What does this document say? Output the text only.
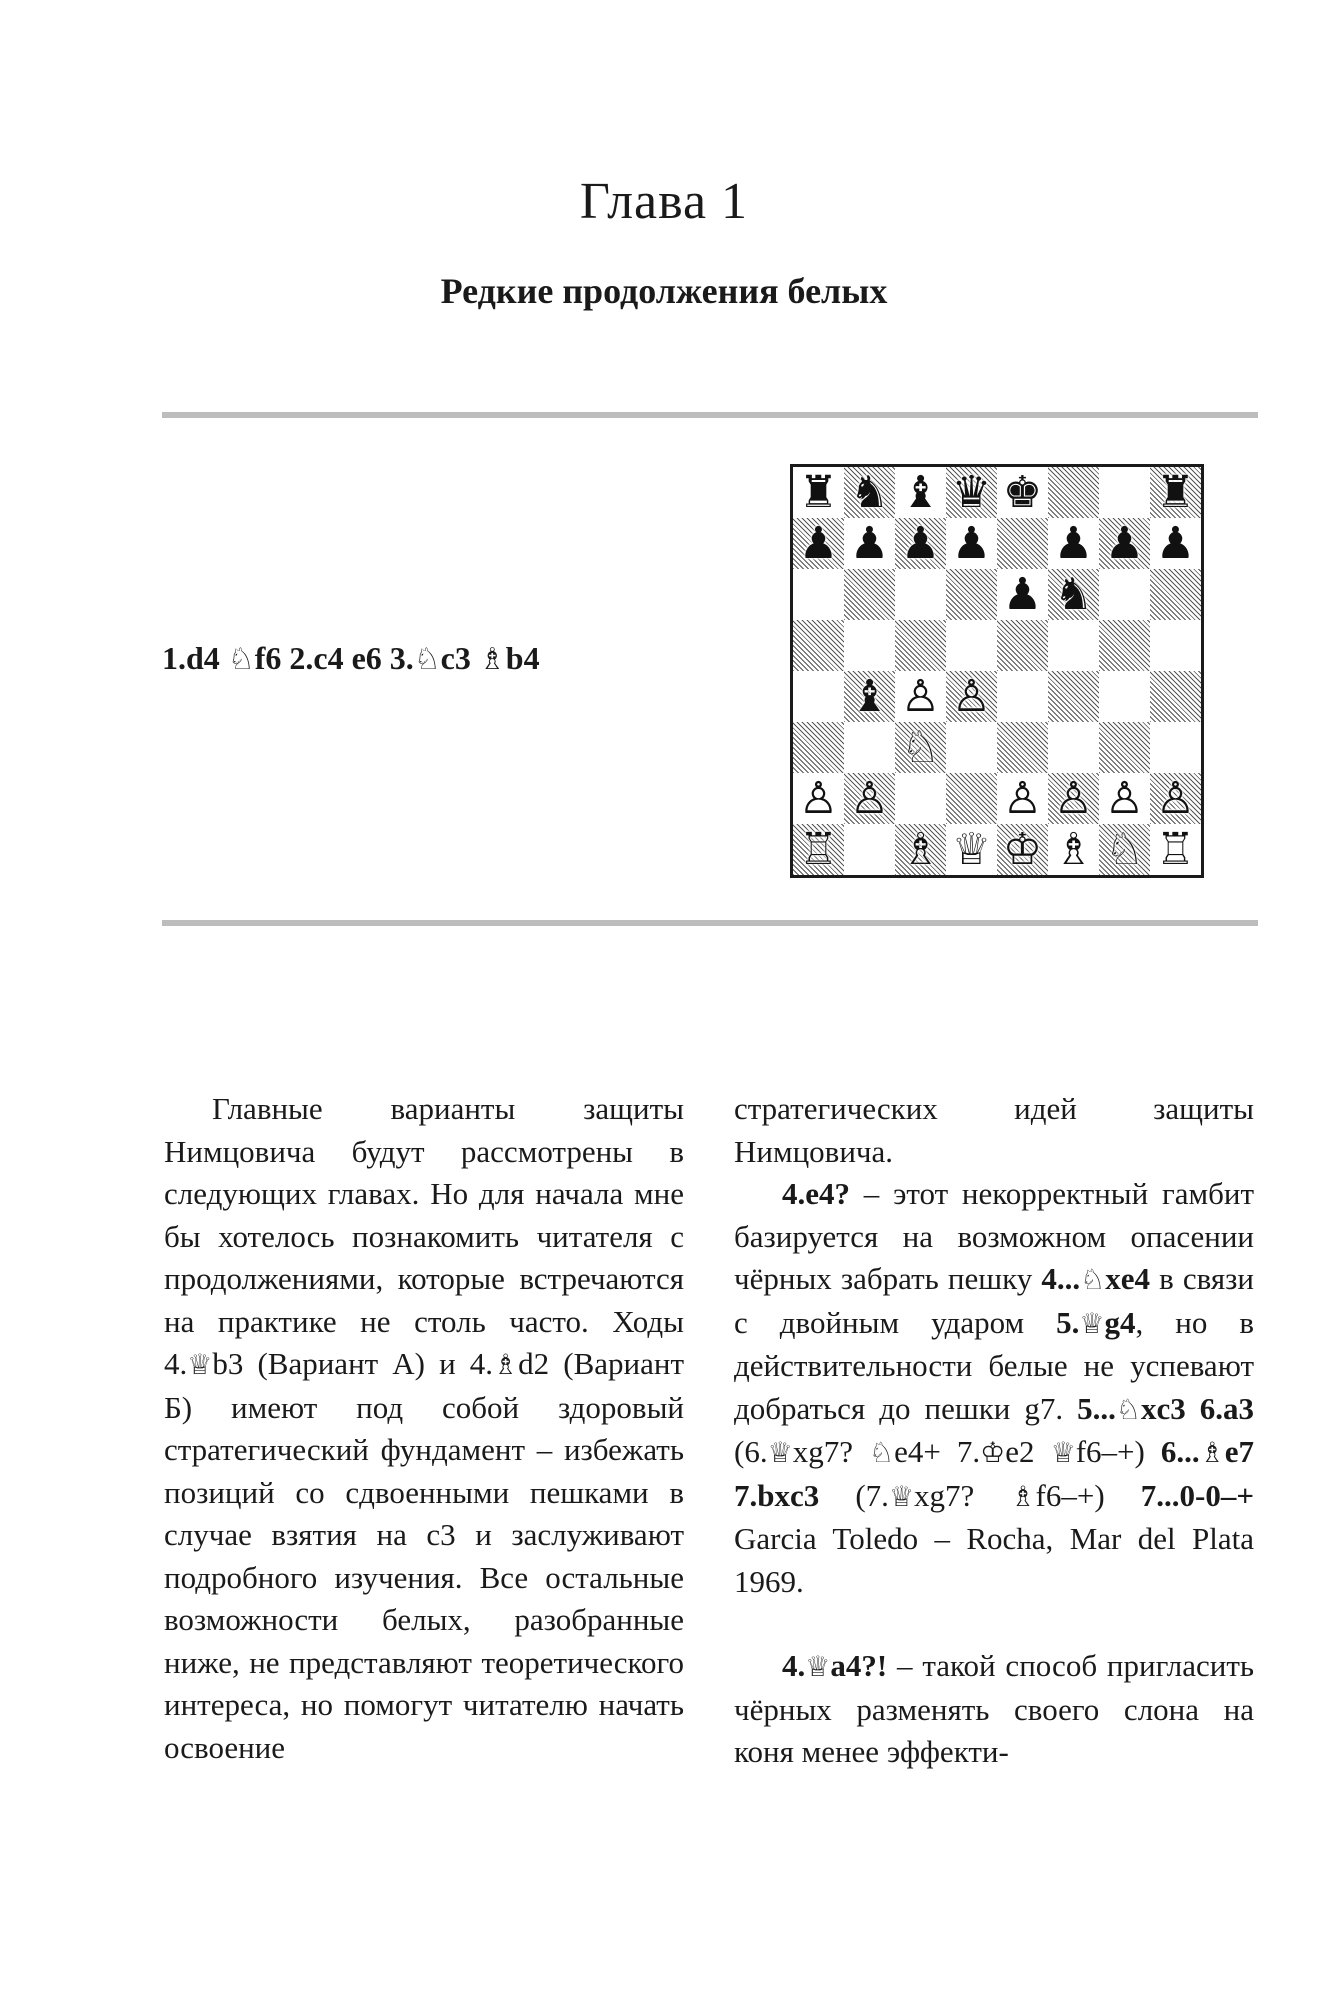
Глава 1
Редкие продолжения белых
1.d4 ♘f6 2.c4 e6 3.♘c3 ♗b4
♜ ♞ ♝ ♛ ♚	♜
♟ ♟ ♟ ♟ ♟ ♟ ♟
♟ ♞
♝ ♙ ♙
♘
♙ ♙	♙ ♙ ♙ ♙
♖ ♗ ♕ ♔ ♗ ♘ ♖

Главные варианты защиты Нимцовича будут рассмотрены в следующих главах. Но для начала мне бы хотелось познакомить читателя с продолжениями, которые встречаются на практике не столь часто. Ходы 4.♕b3 (Вариант А) и 4.♗d2 (Вариант Б) имеют под собой здоровый стратегический фундамент – избежать позиций со сдвоенными пешками в случае взятия на с3 и заслуживают подробного изучения. Все остальные возможности белых, разобранные ниже, не представляют теоретического интереса, но помогут читателю начать освоение

стратегических идей защиты Нимцовича.

4.e4? – этот некорректный гамбит базируется на возможном опасении чёрных забрать пешку 4...♘xe4 в связи с двойным ударом 5.♕g4, но в действительности белые не успевают добраться до пешки g7. 5...♘xc3 6.a3 (6.♕xg7? ♘e4+ 7.♔e2 ♕f6–+) 6...♗e7 7.bxc3 (7.♕xg7? ♗f6–+) 7...0-0–+ Garcia Toledo – Rocha, Mar del Plata 1969.

4.♕a4?! – такой способ пригласить чёрных разменять своего слона на коня менее эффекти-
